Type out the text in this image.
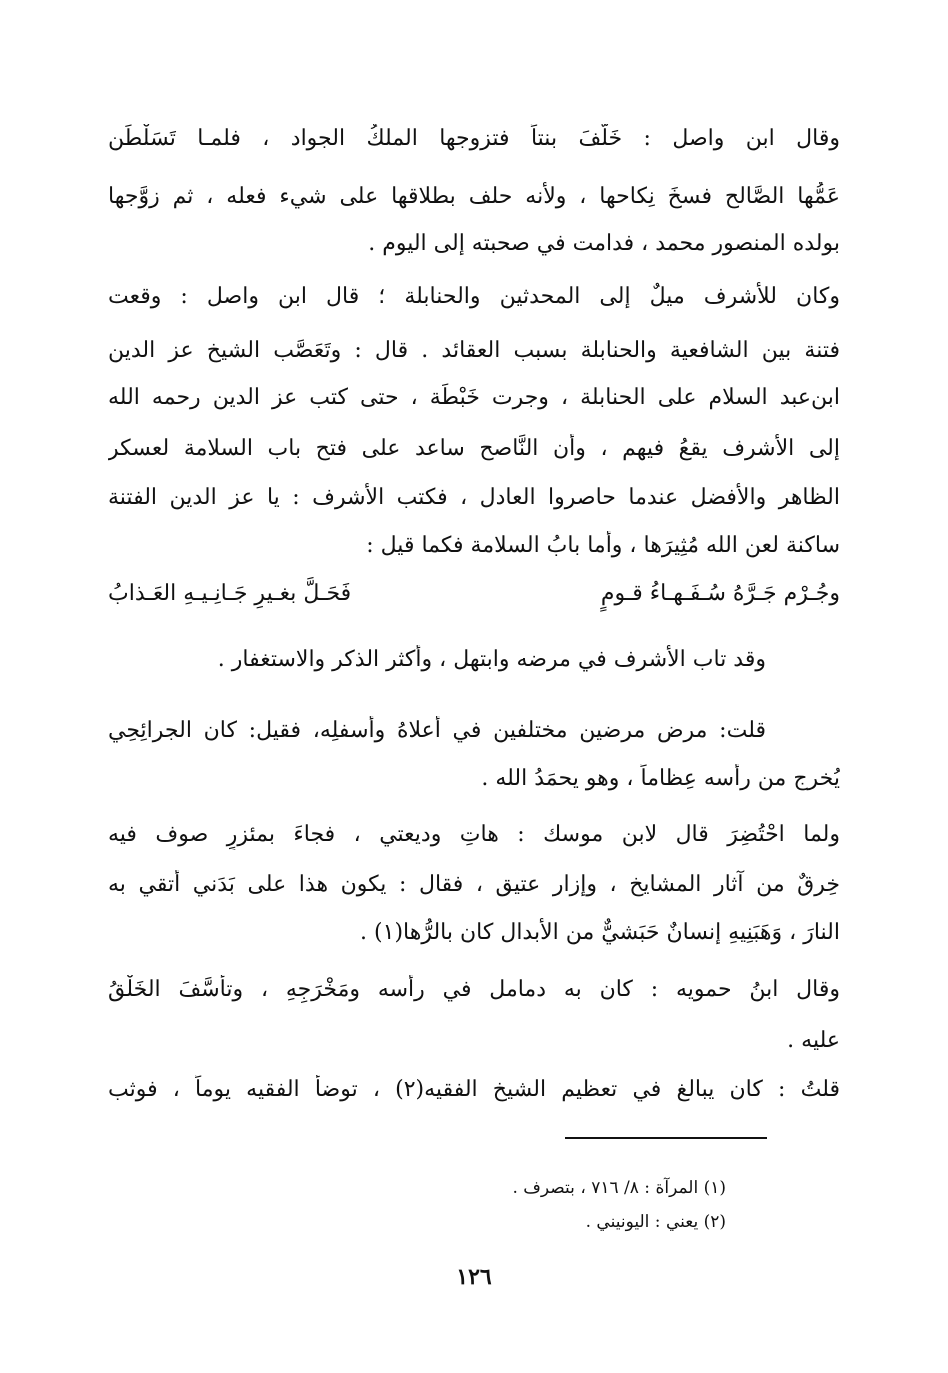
وقال ابن واصل : خَلَّفَ بنتاً فتزوجها الملكُ الجواد ، فلمـا تَسَلْطَن
عَمُّها الصَّالح فسخَ نِكاحها ، ولأنه حلف بطلاقها على شيء فعله ، ثم زوَّجها
بولده المنصور محمد ، فدامت في صحبته إلى اليوم .
وكان للأشرف ميلٌ إلى المحدثين والحنابلة ؛ قال ابن واصل : وقعت
فتنة بين الشافعية والحنابلة بسبب العقائد . قال : وتَعَصَّب الشيخ عز الدين
ابن‌عبد السلام على الحنابلة ، وجرت خَبْطَة ، حتى كتب عز الدين رحمه الله
إلى الأشرف يقعُ فيهم ، وأن النَّاصح ساعد على فتح باب السلامة لعسكر
الظاهر والأفضل عندما حاصروا العادل ، فكتب الأشرف : يا عز الدين الفتنة
ساكنة لعن الله مُثِيرَها ، وأما بابُ السلامة فكما قيل :
وجُـرْم جَـرَّهُ سُـفَـهـاءُ قـومٍ
فَحَـلَّ بغـيرِ جَـانِـيـهِ العَـذابُ
وقد تاب الأشرف في مرضه وابتهل ، وأكثر الذكر والاستغفار .
قلت: مرض مرضين مختلفين في أعلاهُ وأسفلِه، فقيل: كان الجرائِحِي
يُخرج من رأسه عِظاماً ، وهو يحمَدُ الله .
ولما احْتُضِرَ قال لابن موسك : هاتِ وديعتي ، فجاءَ بمئزرٍ صوف فيه
خِرقٌ من آثار المشايخ ، وإزار عتيق ، فقال : يكون هذا على بَدَني أتقي به
النارَ ، وَهَبَنِيهِ إنسانٌ حَبَشيٌّ من الأبدال كان بالرُّها(١) .
وقال ابنُ حمويه : كان به دمامل في رأسه ومَخْرَجِهِ ، وتأسَّفَ الخَلْقُ
عليه .
قلتُ : كان يبالغ في تعظيم الشيخ الفقيه(٢) ، توضأ الفقيه يوماً ، فوثب
(١) المرآة : ٨/ ٧١٦ ، بتصرف .
(٢) يعني : اليونيني .
١٢٦
